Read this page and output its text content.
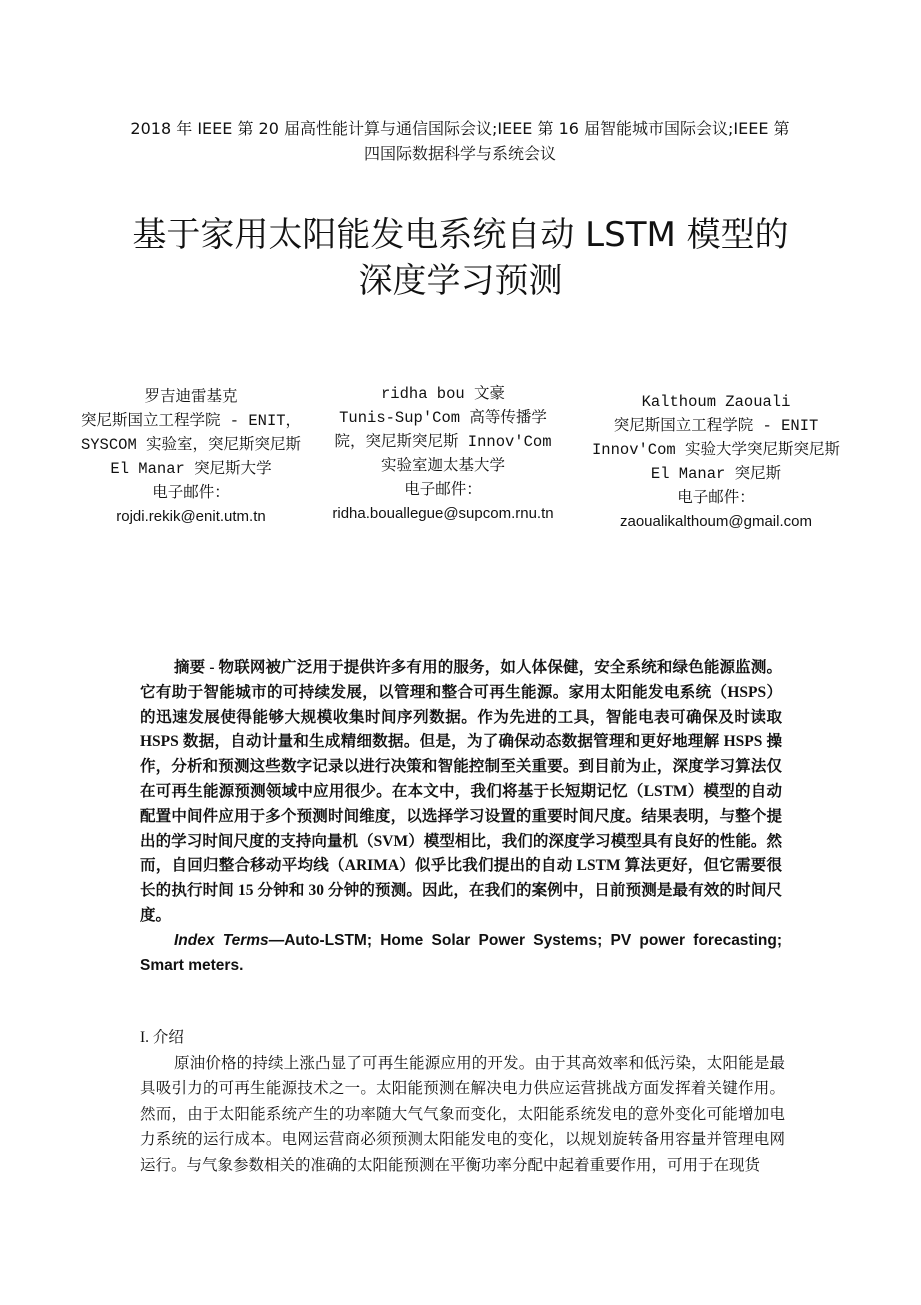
2018 年 IEEE 第 20 届高性能计算与通信国际会议;IEEE 第 16 届智能城市国际会议;IEEE 第四国际数据科学与系统会议
基于家用太阳能发电系统自动 LSTM 模型的深度学习预测
罗吉迪雷基克
突尼斯国立工程学院 - ENIT，SYSCOM 实验室，突尼斯突尼斯 El Manar 突尼斯大学
电子邮件：
rojdi.rekik@enit.utm.tn
ridha bou 文豪
Tunis-Sup'Com 高等传播学院，突尼斯突尼斯 Innov'Com 实验室迦太基大学
电子邮件：
ridha.bouallegue@supcom.rnu.tn
Kalthoum Zaouali
突尼斯国立工程学院 - ENIT Innov'Com 实验大学突尼斯突尼斯 El Manar 突尼斯
电子邮件：
zaoualikalthoum@gmail.com

摘要 - 物联网被广泛用于提供许多有用的服务，如人体保健，安全系统和绿色能源监测。它有助于智能城市的可持续发展，以管理和整合可再生能源。家用太阳能发电系统（HSPS）的迅速发展使得能够大规模收集时间序列数据。作为先进的工具，智能电表可确保及时读取 HSPS 数据，自动计量和生成精细数据。但是，为了确保动态数据管理和更好地理解 HSPS 操作，分析和预测这些数字记录以进行决策和智能控制至关重要。到目前为止，深度学习算法仅在可再生能源预测领域中应用很少。在本文中，我们将基于长短期记忆（LSTM）模型的自动配置中间件应用于多个预测时间维度，以选择学习设置的重要时间尺度。结果表明，与整个提出的学习时间尺度的支持向量机（SVM）模型相比，我们的深度学习模型具有良好的性能。然而，自回归整合移动平均线（ARIMA）似乎比我们提出的自动 LSTM 算法更好，但它需要很长的执行时间 15 分钟和 30 分钟的预测。因此，在我们的案例中，日前预测是最有效的时间尺度。

Index Terms—Auto-LSTM; Home Solar Power Systems; PV power forecasting; Smart meters.

I. 介绍

原油价格的持续上涨凸显了可再生能源应用的开发。由于其高效率和低污染，太阳能是最具吸引力的可再生能源技术之一。太阳能预测在解决电力供应运营挑战方面发挥着关键作用。然而，由于太阳能系统产生的功率随大气气象而变化，太阳能系统发电的意外变化可能增加电力系统的运行成本。电网运营商必须预测太阳能发电的变化，以规划旋转备用容量并管理电网运行。与气象参数相关的准确的太阳能预测在平衡功率分配中起着重要作用，可用于在现货
